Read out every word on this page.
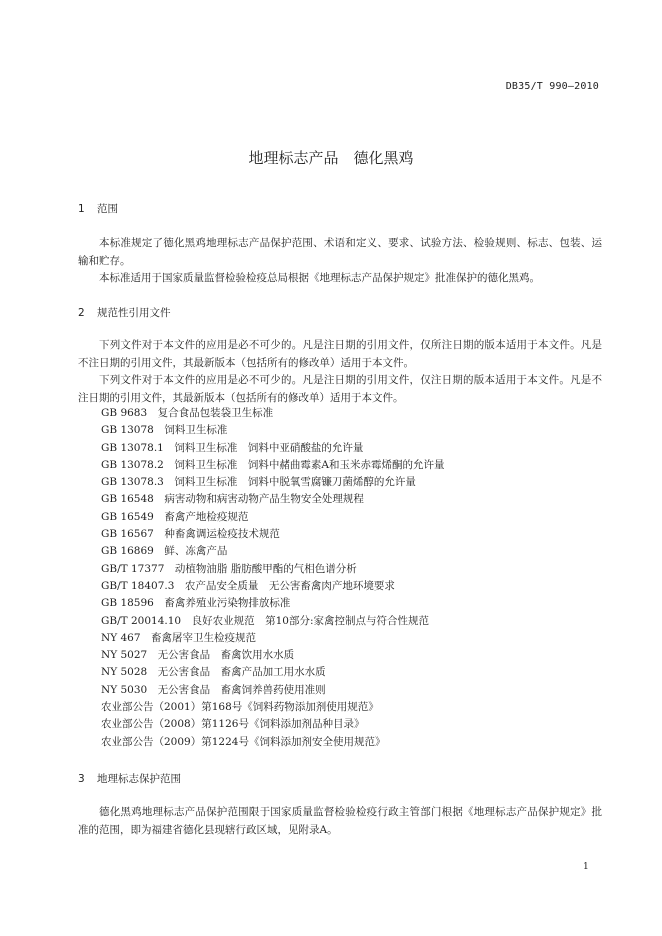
DB35/T 990—2010
地理标志产品　德化黑鸡
1 范围

本标准规定了德化黑鸡地理标志产品保护范围、术语和定义、要求、试验方法、检验规则、标志、包装、运输和贮存。

本标准适用于国家质量监督检验检疫总局根据《地理标志产品保护规定》批准保护的德化黑鸡。

2 规范性引用文件

下列文件对于本文件的应用是必不可少的。凡是注日期的引用文件，仅所注日期的版本适用于本文件。凡是不注日期的引用文件，其最新版本（包括所有的修改单）适用于本文件。

下列文件对于本文件的应用是必不可少的。凡是注日期的引用文件，仅注日期的版本适用于本文件。凡是不注日期的引用文件，其最新版本（包括所有的修改单）适用于本文件。

GB 9683　复合食品包装袋卫生标准
GB 13078　饲料卫生标准
GB 13078.1　饲料卫生标准　饲料中亚硝酸盐的允许量
GB 13078.2　饲料卫生标准　饲料中赭曲霉素A和玉米赤霉烯酮的允许量
GB 13078.3　饲料卫生标准　饲料中脱氧雪腐镰刀菌烯醇的允许量
GB 16548　病害动物和病害动物产品生物安全处理规程
GB 16549　畜禽产地检疫规范
GB 16567　种畜禽调运检疫技术规范
GB 16869　鲜、冻禽产品
GB/T 17377　动植物油脂 脂肪酸甲酯的气相色谱分析
GB/T 18407.3　农产品安全质量　无公害畜禽肉产地环境要求
GB 18596　畜禽养殖业污染物排放标准
GB/T 20014.10　良好农业规范　第10部分:家禽控制点与符合性规范
NY 467　畜禽屠宰卫生检疫规范
NY 5027　无公害食品　畜禽饮用水水质
NY 5028　无公害食品　畜禽产品加工用水水质
NY 5030　无公害食品　畜禽饲养兽药使用准则
农业部公告（2001）第168号《饲料药物添加剂使用规范》
农业部公告（2008）第1126号《饲料添加剂品种目录》
农业部公告（2009）第1224号《饲料添加剂安全使用规范》
3 地理标志保护范围

德化黑鸡地理标志产品保护范围限于国家质量监督检验检疫行政主管部门根据《地理标志产品保护规定》批准的范围，即为福建省德化县现辖行政区域，见附录A。

1
